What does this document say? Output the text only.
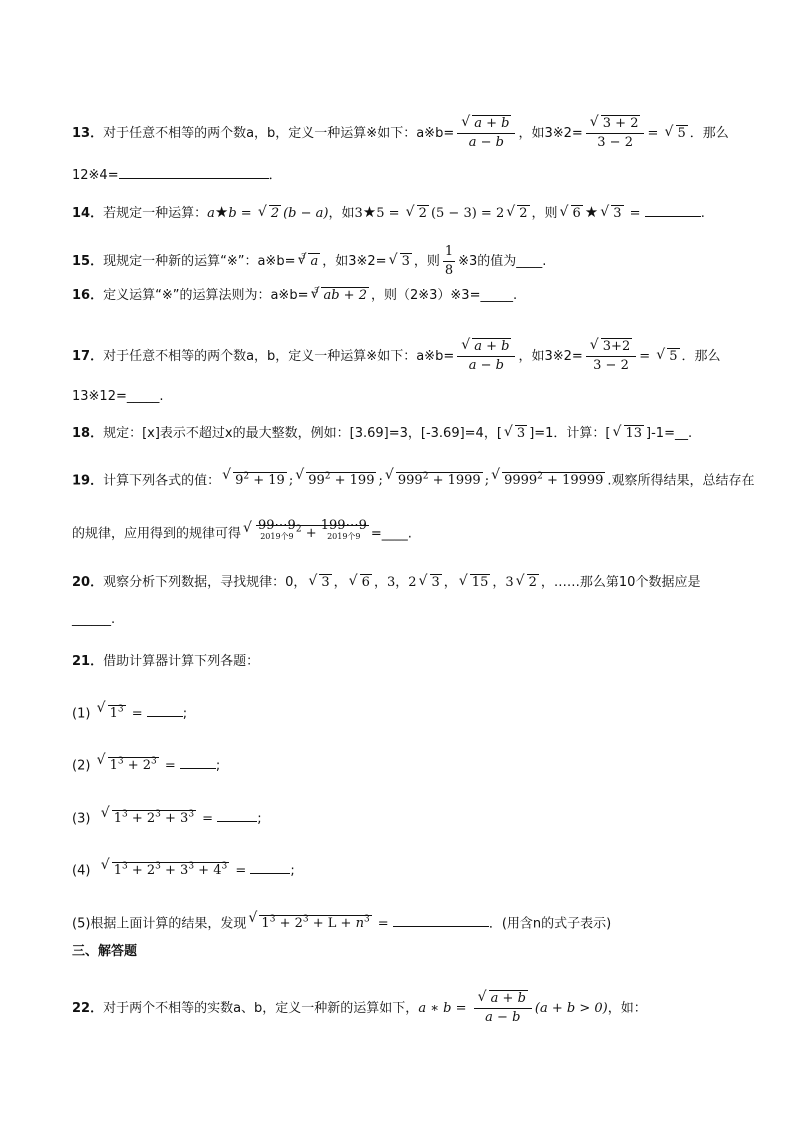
13．对于任意不相等的两个数a，b，定义一种运算※如下：a※b= √ $\frac{a + b}{a - b}$ ，如3※2= √ $\frac{3 + 2}{3 - 2}$ = √ 5 ．那么
12※4=	．
14．若规定一种运算：a★b = √ 2 (b − a)，如3★5 = √ 2 (5 − 3) = 2 √ 2 ，则 √ 6 ★ √ 3 =	.
15．现规定一种新的运算“※”：a※b= √ 3 a ，如3※2= √ 3 ，则 $\frac{1}{8}$ ※3的值为____.
16．定义运算“※”的运算法则为：a※b= √ 3 ab + 2 ，则（2※3）※3=_____.
17．对于任意不相等的两个数a，b，定义一种运算※如下：a※b= √ $\frac{a + b}{a - b}$ ，如3※2= √ $\frac{3+2}{3 - 2}$ = √ 5 ．那么
13※12=_____.
18．规定：[x]表示不超过x的最大整数，例如：[3.69]=3，[-3.69]=4，[ √ 3 ]=1．计算：[ √ 13 ]-1=__.
19．计算下列各式的值： √ $9^2 + 19$ ; √ $99^2 + 199$ ; √ $999^2 + 1999$ ; √ $9999^2 + 19999$ .观察所得结果，总结存在
的规律，应用得到的规律可得√ 99⋯9
2019个9
$^2$ + 199⋯9
2019个9 =____.
20．观察分析下列数据，寻找规律：0， √ 3 ， √ 6 ，3，2 √ 3 ， √ 15 ，3 √ 2 ，……那么第10个数据应是
______.
21．借助计算器计算下列各题：
(1) √ $1^3$ =	;
(2) √ $1^3 + 2^3$ =	;
(3) √ $1^3 + 2^3 + 3^3$ =	;
(4) √ $1^3 + 2^3 + 3^3 + 4^3$ =	;
(5)根据上面计算的结果，发现 √ $1^3 + 2^3 + L + n^3$ =	．(用含n的式子表示)
三、解答题
22．对于两个不相等的实数a、b，定义一种新的运算如下，a ∗ b = √ $\frac{a + b}{a - b} (a + b > 0)$，如：
